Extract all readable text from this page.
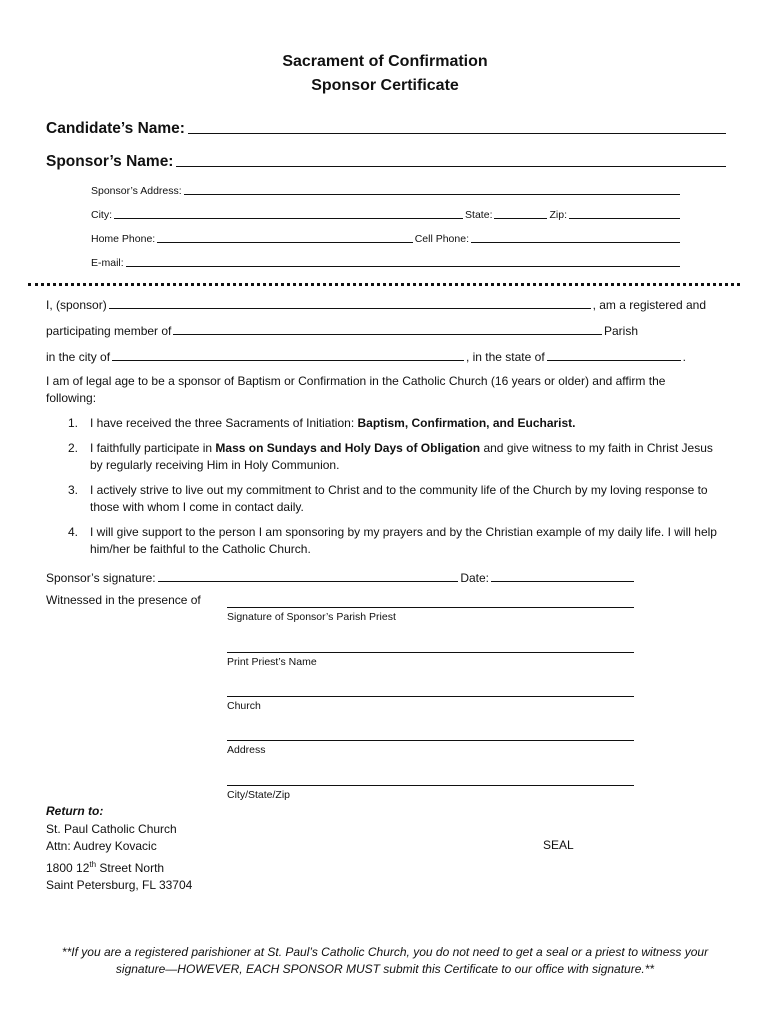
Sacrament of Confirmation
Sponsor Certificate
Candidate’s Name:
Sponsor’s Name:
Sponsor’s Address:
City:	State:	Zip:
Home Phone:	Cell Phone:
E-mail:
I, (sponsor)	, am a registered and
participating member of	Parish
in the city of	, in the state of	.
I am of legal age to be a sponsor of Baptism or Confirmation in the Catholic Church (16 years or older) and affirm the following:
1. I have received the three Sacraments of Initiation: Baptism, Confirmation, and Eucharist.
2. I faithfully participate in Mass on Sundays and Holy Days of Obligation and give witness to my faith in Christ Jesus by regularly receiving Him in Holy Communion.
3. I actively strive to live out my commitment to Christ and to the community life of the Church by my loving response to those with whom I come in contact daily.
4. I will give support to the person I am sponsoring by my prayers and by the Christian example of my daily life. I will help him/her be faithful to the Catholic Church.
Sponsor’s signature:	Date:
Witnessed in the presence of
Signature of Sponsor’s Parish Priest
Print Priest’s Name
Church
Address
City/State/Zip
Return to:
St. Paul Catholic Church
Attn: Audrey Kovacic
1800 12th Street North
Saint Petersburg, FL 33704
SEAL
**If you are a registered parishioner at St. Paul’s Catholic Church, you do not need to get a seal or a priest to witness your signature—HOWEVER, EACH SPONSOR MUST submit this Certificate to our office with signature.**
